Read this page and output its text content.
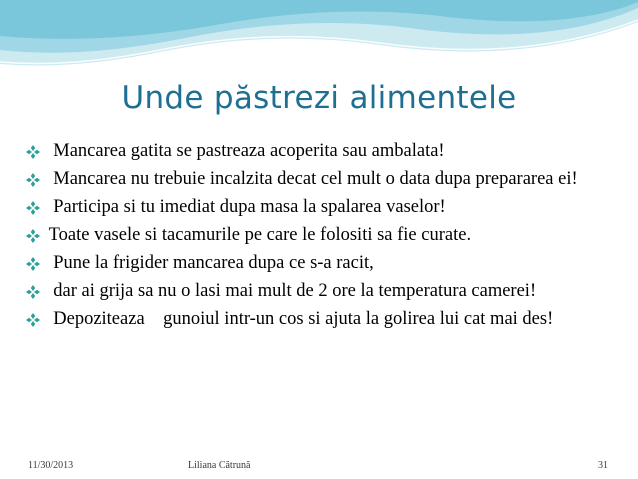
Unde păstrezi alimentele
Mancarea gatita se pastreaza acoperita sau ambalata!
Mancarea nu trebuie incalzita decat cel mult o data dupa prepararea ei!
Participa si tu imediat dupa masa la spalarea vaselor!
Toate vasele si tacamurile pe care le folositi sa fie curate.
Pune la frigider mancarea dupa ce s-a racit,
dar ai grija sa nu o lasi mai mult de 2 ore la temperatura camerei!
Depoziteaza    gunoiul intr-un cos si ajuta la golirea lui cat mai des!
11/30/2013	Liliana Cătrună	31
